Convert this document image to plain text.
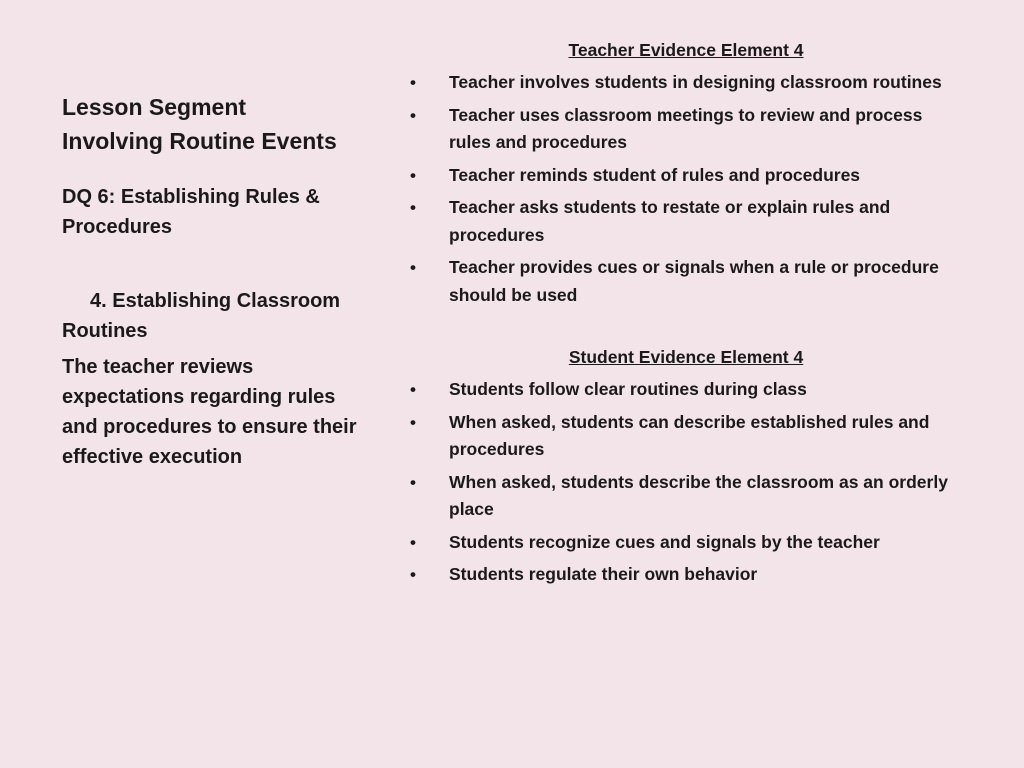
Lesson Segment
Involving Routine Events

DQ 6: Establishing Rules &
Procedures

4. Establishing Classroom
Routines

The teacher reviews expectations regarding rules and procedures to ensure their effective execution

Teacher Evidence Element 4

• Teacher involves students in designing classroom routines
• Teacher uses classroom meetings to review and process rules and procedures
• Teacher reminds student of rules and procedures
• Teacher asks students to restate or explain rules and procedures
• Teacher provides cues or signals when a rule or procedure should be used

Student Evidence Element 4

• Students follow clear routines during class
• When asked, students can describe established rules and procedures
• When asked, students describe the classroom as an orderly place
• Students recognize cues and signals by the teacher
• Students regulate their own behavior
